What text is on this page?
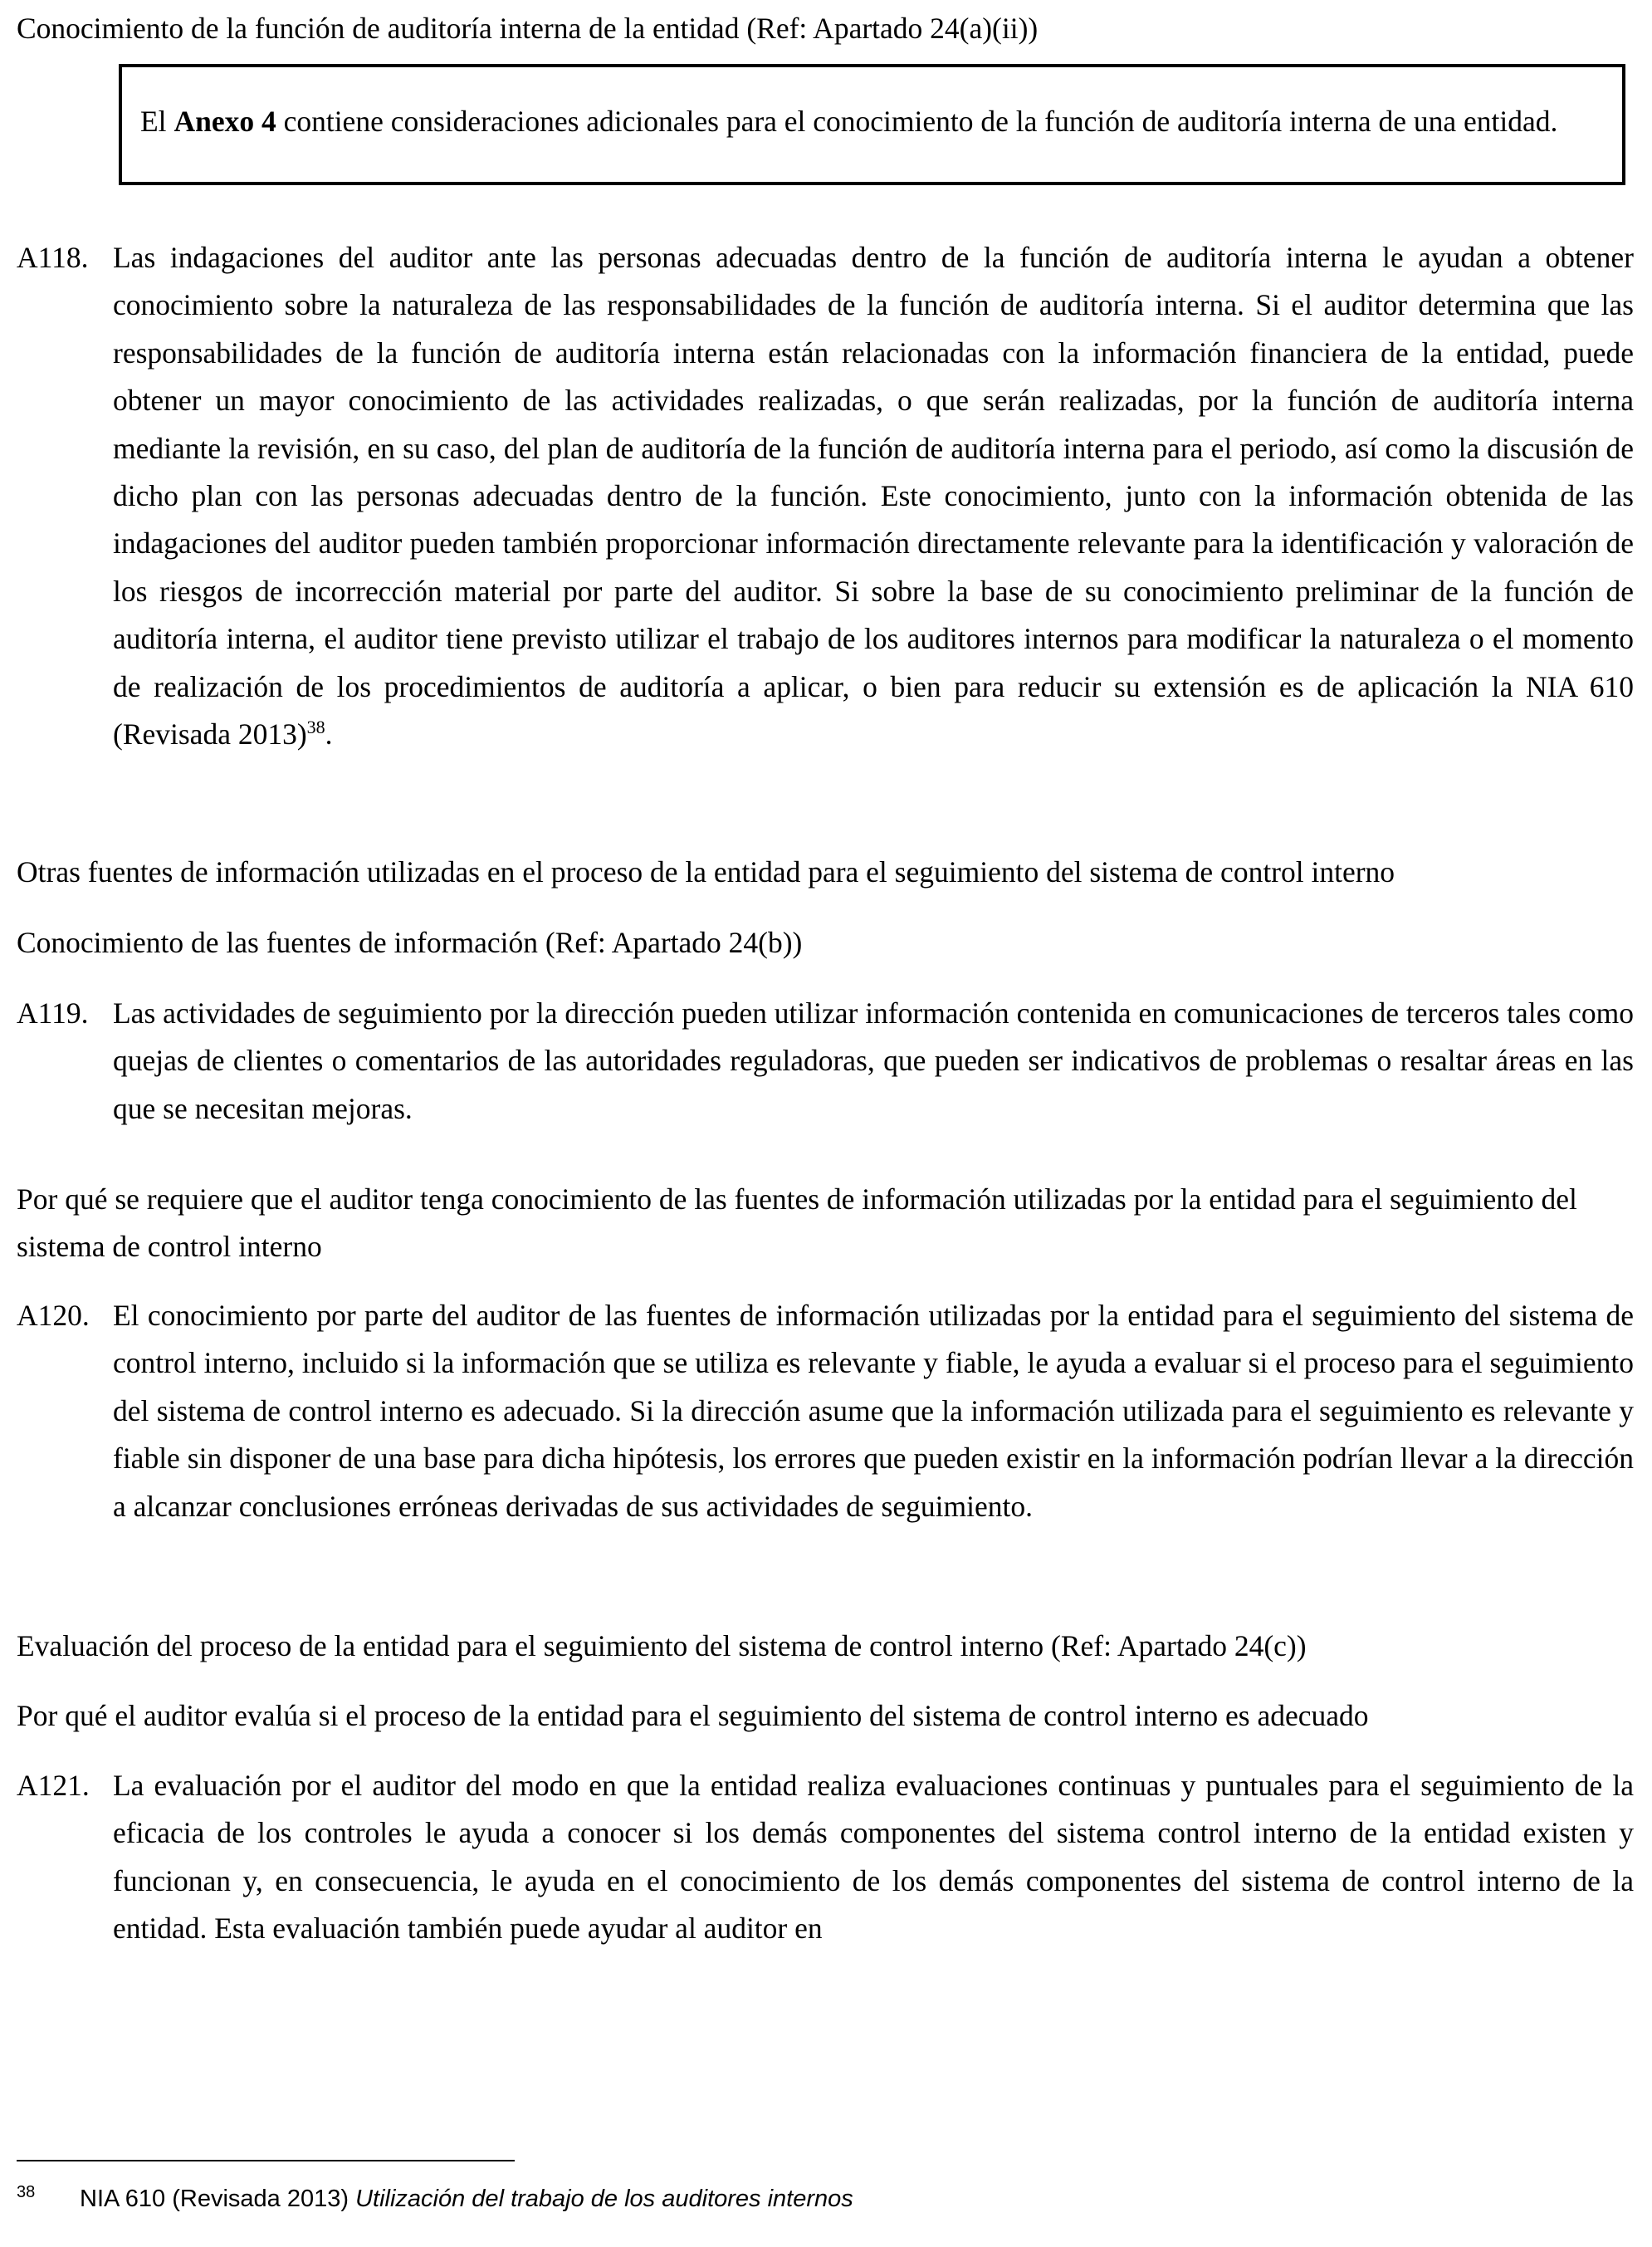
Conocimiento de la función de auditoría interna de la entidad (Ref: Apartado 24(a)(ii))
El Anexo 4 contiene consideraciones adicionales para el conocimiento de la función de auditoría interna de una entidad.
A118. Las indagaciones del auditor ante las personas adecuadas dentro de la función de auditoría interna le ayudan a obtener conocimiento sobre la naturaleza de las responsabilidades de la función de auditoría interna. Si el auditor determina que las responsabilidades de la función de auditoría interna están relacionadas con la información financiera de la entidad, puede obtener un mayor conocimiento de las actividades realizadas, o que serán realizadas, por la función de auditoría interna mediante la revisión, en su caso, del plan de auditoría de la función de auditoría interna para el periodo, así como la discusión de dicho plan con las personas adecuadas dentro de la función. Este conocimiento, junto con la información obtenida de las indagaciones del auditor pueden también proporcionar información directamente relevante para la identificación y valoración de los riesgos de incorrección material por parte del auditor. Si sobre la base de su conocimiento preliminar de la función de auditoría interna, el auditor tiene previsto utilizar el trabajo de los auditores internos para modificar la naturaleza o el momento de realización de los procedimientos de auditoría a aplicar, o bien para reducir su extensión es de aplicación la NIA 610 (Revisada 2013)$^{38}$.
Otras fuentes de información utilizadas en el proceso de la entidad para el seguimiento del sistema de control interno
Conocimiento de las fuentes de información (Ref: Apartado 24(b))
A119. Las actividades de seguimiento por la dirección pueden utilizar información contenida en comunicaciones de terceros tales como quejas de clientes o comentarios de las autoridades reguladoras, que pueden ser indicativos de problemas o resaltar áreas en las que se necesitan mejoras.
Por qué se requiere que el auditor tenga conocimiento de las fuentes de información utilizadas por la entidad para el seguimiento del sistema de control interno
A120. El conocimiento por parte del auditor de las fuentes de información utilizadas por la entidad para el seguimiento del sistema de control interno, incluido si la información que se utiliza es relevante y fiable, le ayuda a evaluar si el proceso para el seguimiento del sistema de control interno es adecuado. Si la dirección asume que la información utilizada para el seguimiento es relevante y fiable sin disponer de una base para dicha hipótesis, los errores que pueden existir en la información podrían llevar a la dirección a alcanzar conclusiones erróneas derivadas de sus actividades de seguimiento.
Evaluación del proceso de la entidad para el seguimiento del sistema de control interno (Ref: Apartado 24(c))
Por qué el auditor evalúa si el proceso de la entidad para el seguimiento del sistema de control interno es adecuado
A121. La evaluación por el auditor del modo en que la entidad realiza evaluaciones continuas y puntuales para el seguimiento de la eficacia de los controles le ayuda a conocer si los demás componentes del sistema control interno de la entidad existen y funcionan y, en consecuencia, le ayuda en el conocimiento de los demás componentes del sistema de control interno de la entidad. Esta evaluación también puede ayudar al auditor en
38 NIA 610 (Revisada 2013) Utilización del trabajo de los auditores internos
